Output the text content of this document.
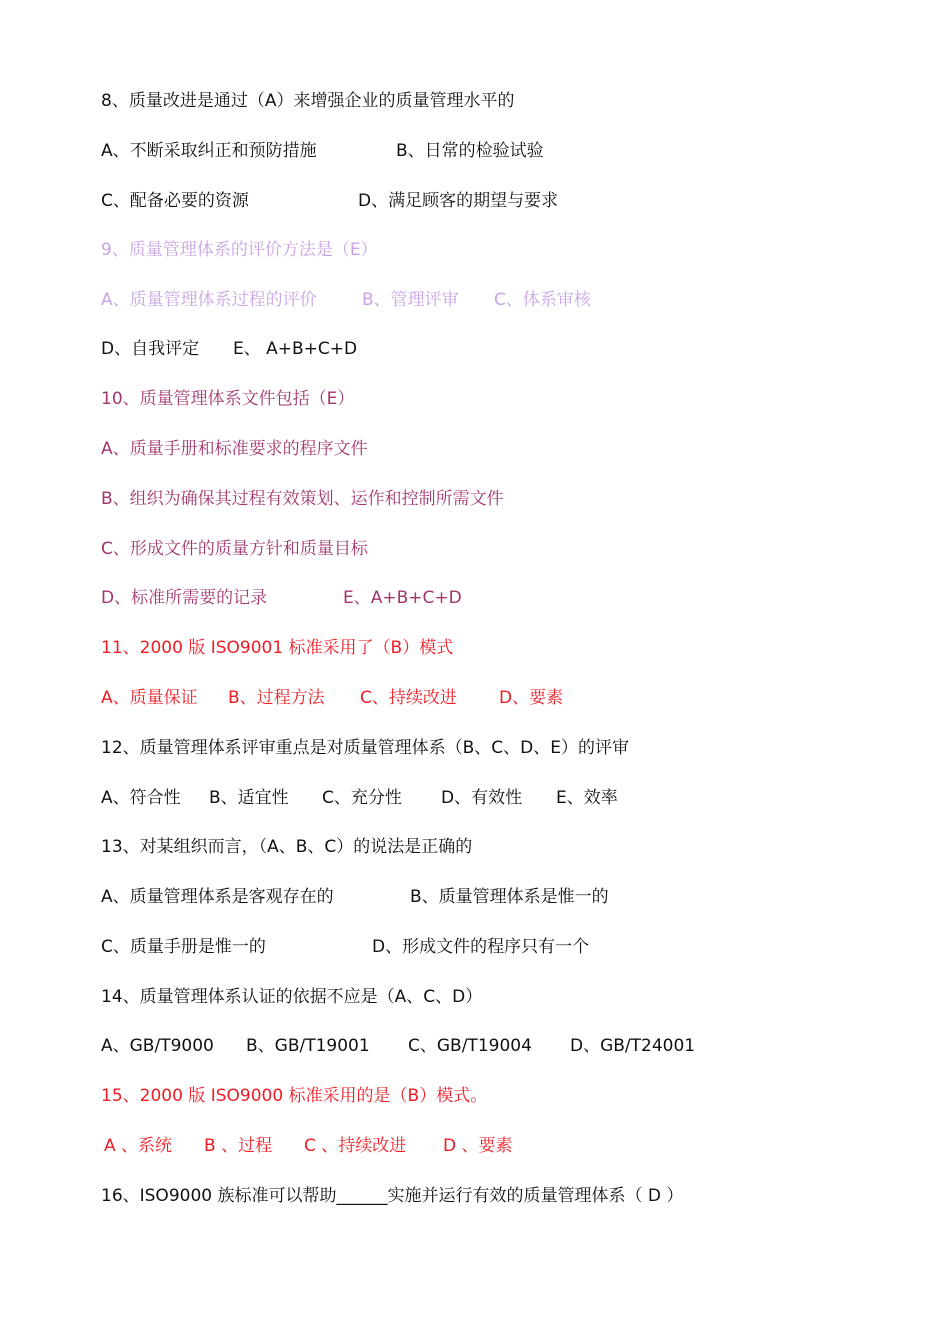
8、质量改进是通过（A）来增强企业的质量管理水平的
A、不断采取纠正和预防措施	B、日常的检验试验
C、配备必要的资源	D、满足顾客的期望与要求
9、质量管理体系的评价方法是（E）
A、质量管理体系过程的评价	B、管理评审 C、体系审核
D、自我评定 E、 A+B+C+D
10、质量管理体系文件包括（E）
A、质量手册和标准要求的程序文件
B、组织为确保其过程有效策划、运作和控制所需文件
C、形成文件的质量方针和质量目标
D、标准所需要的记录	E、A+B+C+D
11、2000 版 ISO9001 标准采用了（B）模式
A、质量保证 B、过程方法 C、持续改进 D、要素
12、质量管理体系评审重点是对质量管理体系（B、C、D、E）的评审
A、符合性 B、适宜性 C、充分性 D、有效性 E、效率
13、对某组织而言，（A、B、C）的说法是正确的
A、质量管理体系是客观存在的	B、质量管理体系是惟一的
C、质量手册是惟一的	D、形成文件的程序只有一个
14、质量管理体系认证的依据不应是（A、C、D）
A、GB/T9000 B、GB/T19001 C、GB/T19004 D、GB/T24001
15、2000 版 ISO9000 标准采用的是（B）模式。
A 、系统 B 、过程 C 、持续改进 D 、要素
16、ISO9000 族标准可以帮助______实施并运行有效的质量管理体系（ D ）
